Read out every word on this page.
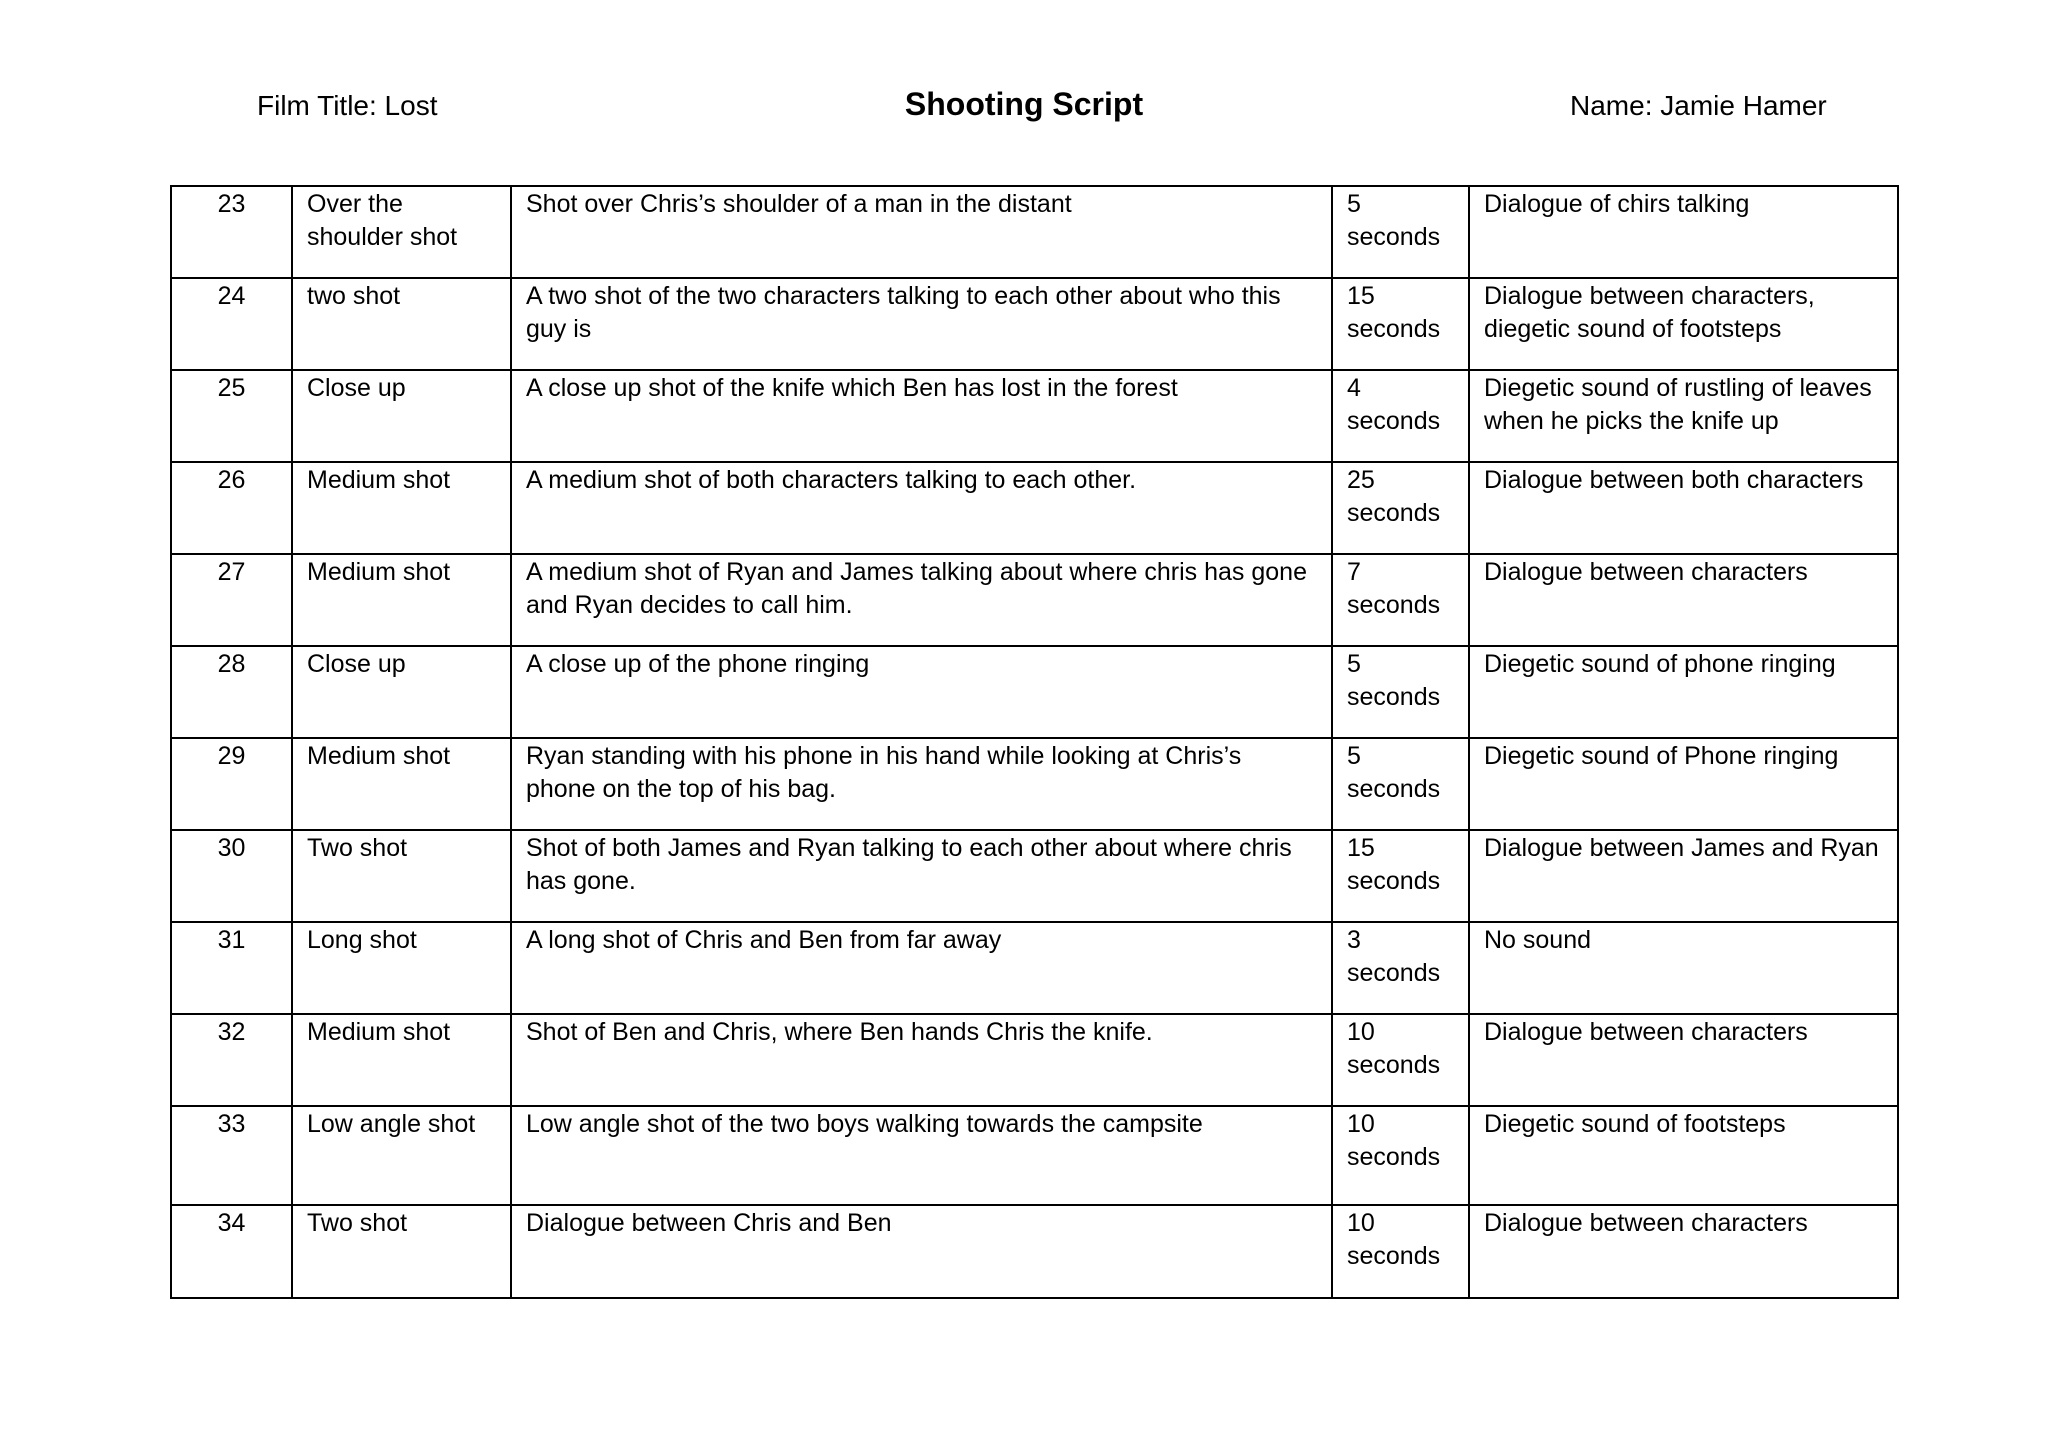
Film Title: Lost	Shooting Script	Name: Jamie Hamer
23	Over the shoulder shot	Shot over Chris’s shoulder of a man in the distant	5 seconds	Dialogue of chirs talking
24	two shot	A two shot of the two characters talking to each other about who this guy is	15 seconds	Dialogue between characters, diegetic sound of footsteps
25	Close up	A close up shot of the knife which Ben has lost in the forest	4 seconds	Diegetic sound of rustling of leaves when he picks the knife up
26	Medium shot	A medium shot of both characters talking to each other.	25 seconds	Dialogue between both characters
27	Medium shot	A medium shot of Ryan and James talking about where chris has gone and Ryan decides to call him.	7 seconds	Dialogue between characters
28	Close up	A close up of the phone ringing	5 seconds	Diegetic sound of phone ringing
29	Medium shot	Ryan standing with his phone in his hand while looking at Chris’s phone on the top of his bag.	5 seconds	Diegetic sound of Phone ringing
30	Two shot	Shot of both James and Ryan talking to each other about where chris has gone.	15 seconds	Dialogue between James and Ryan
31	Long shot	A long shot of Chris and Ben from far away	3 seconds	No sound
32	Medium shot	Shot of Ben and Chris, where Ben hands Chris the knife.	10 seconds	Dialogue between characters
33	Low angle shot	Low angle shot of the two boys walking towards the campsite	10 seconds	Diegetic sound of footsteps
34	Two shot	Dialogue between Chris and Ben	10 seconds	Dialogue between characters
